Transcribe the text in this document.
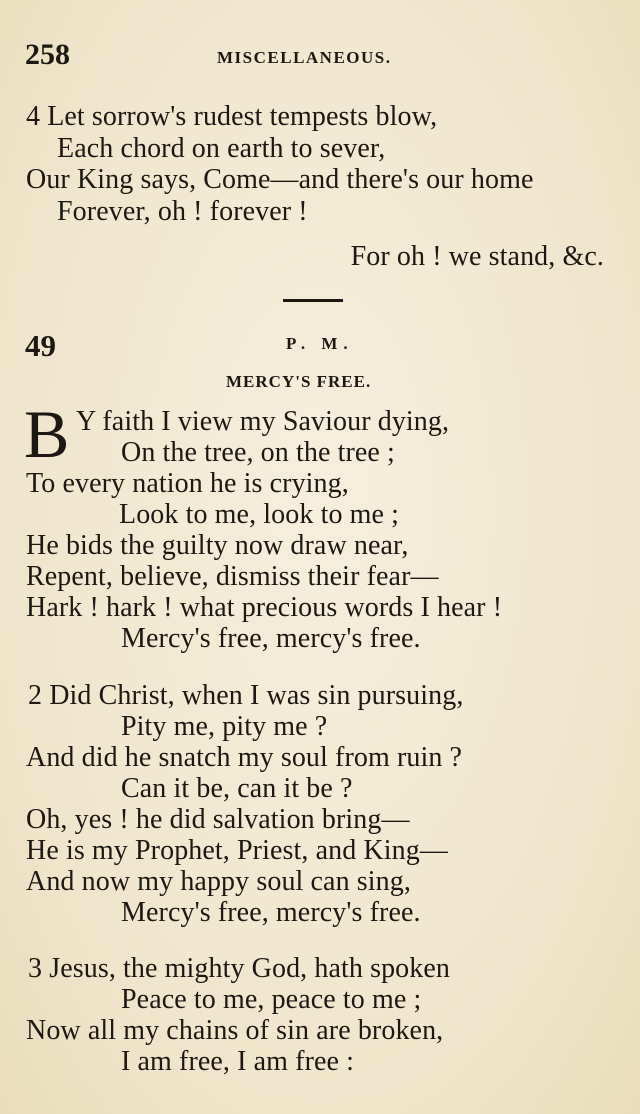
258	MISCELLANEOUS.
4 Let sorrow's rudest tempests blow,
Each chord on earth to sever,
Our King says, Come—and there's our home
Forever, oh ! forever !
For oh ! we stand, &c.
49	P. M.
MERCY'S FREE.
B Y faith I view my Saviour dying,
On the tree, on the tree ;
To every nation he is crying,
Look to me, look to me ;
He bids the guilty now draw near,
Repent, believe, dismiss their fear—
Hark ! hark ! what precious words I hear !
Mercy's free, mercy's free.
2 Did Christ, when I was sin pursuing,
Pity me, pity me ?
And did he snatch my soul from ruin ?
Can it be, can it be ?
Oh, yes ! he did salvation bring—
He is my Prophet, Priest, and King—
And now my happy soul can sing,
Mercy's free, mercy's free.
3 Jesus, the mighty God, hath spoken
Peace to me, peace to me ;
Now all my chains of sin are broken,
I am free, I am free :
